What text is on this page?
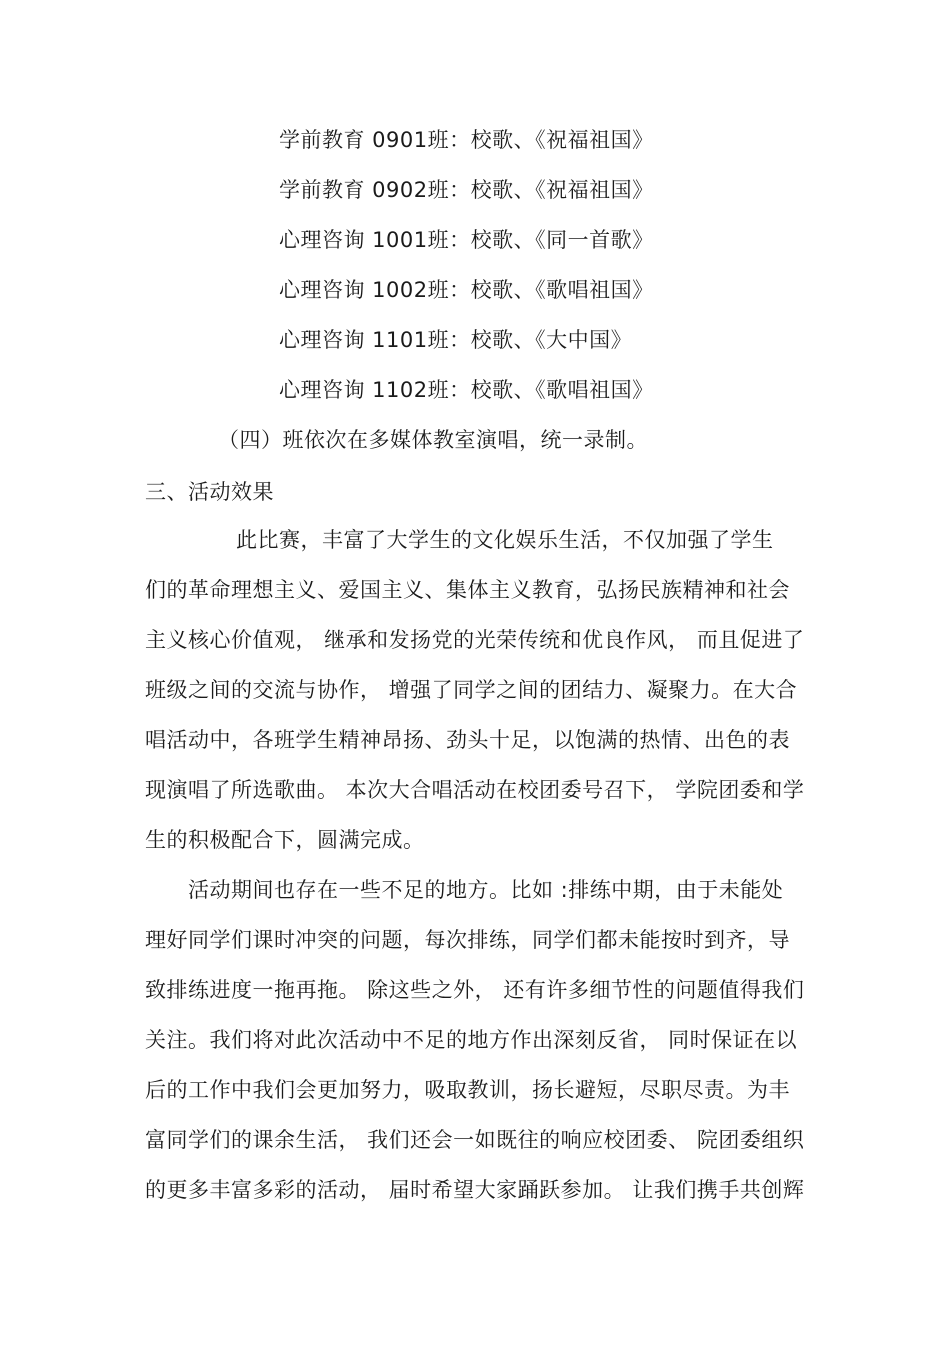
学前教育 0901班：校歌、《祝福祖国》
学前教育 0902班：校歌、《祝福祖国》
心理咨询 1001班：校歌、《同一首歌》
心理咨询 1002班：校歌、《歌唱祖国》
心理咨询 1101班：校歌、《大中国》
心理咨询 1102班：校歌、《歌唱祖国》
（四）班依次在多媒体教室演唱，统一录制。
三、活动效果
此比赛，丰富了大学生的文化娱乐生活，不仅加强了学生
们的革命理想主义、爱国主义、集体主义教育，弘扬民族精神和社会
主义核心价值观， 继承和发扬党的光荣传统和优良作风， 而且促进了
班级之间的交流与协作， 增强了同学之间的团结力、凝聚力。在大合
唱活动中，各班学生精神昂扬、劲头十足，以饱满的热情、出色的表
现演唱了所选歌曲。 本次大合唱活动在校团委号召下， 学院团委和学
生的积极配合下，圆满完成。
活动期间也存在一些不足的地方。比如 :排练中期，由于未能处
理好同学们课时冲突的问题，每次排练，同学们都未能按时到齐，导
致排练进度一拖再拖。 除这些之外， 还有许多细节性的问题值得我们
关注。我们将对此次活动中不足的地方作出深刻反省， 同时保证在以
后的工作中我们会更加努力，吸取教训，扬长避短，尽职尽责。为丰
富同学们的课余生活， 我们还会一如既往的响应校团委、 院团委组织
的更多丰富多彩的活动， 届时希望大家踊跃参加。 让我们携手共创辉
